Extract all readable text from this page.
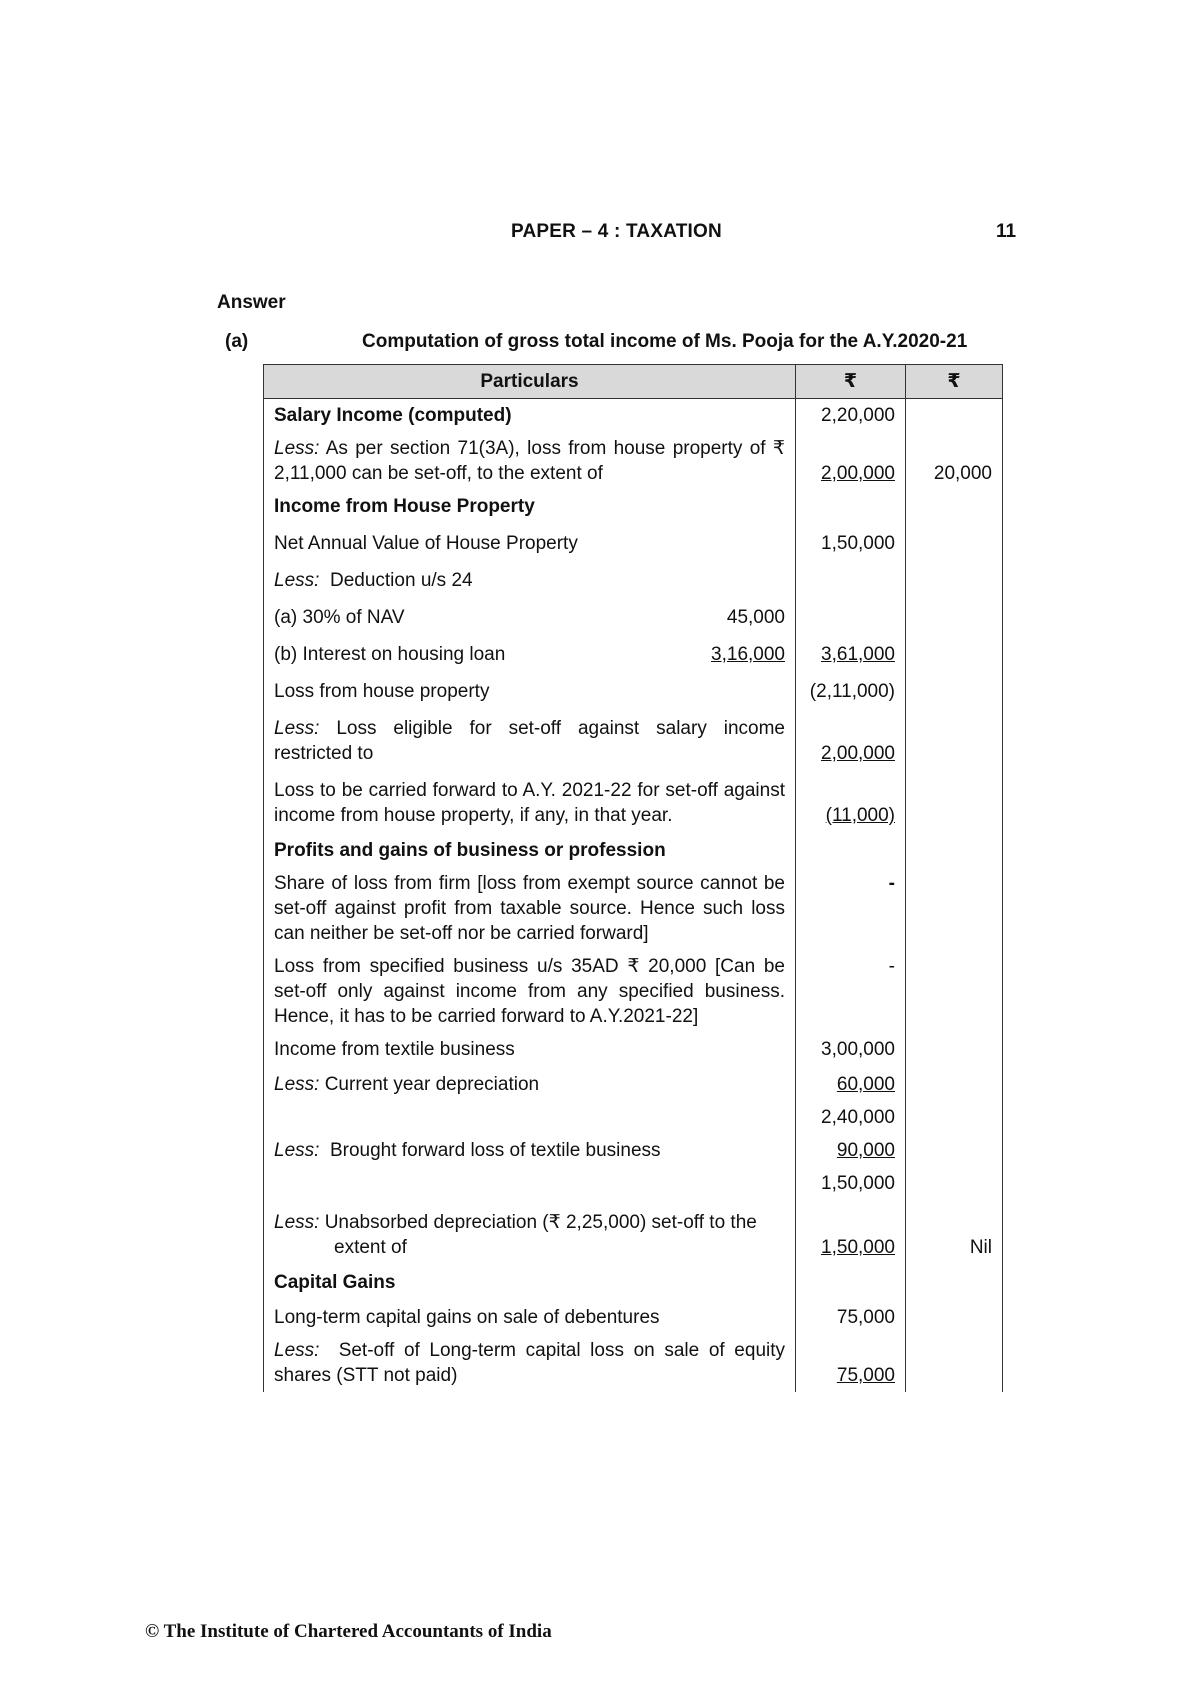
PAPER – 4 : TAXATION	11
Answer
(a)	Computation of gross total income of Ms. Pooja for the A.Y.2020-21
Particulars	₹	₹
Salary Income (computed)	2,20,000	
Less: As per section 71(3A), loss from house property of ₹ 2,11,000 can be set-off, to the extent of	2,00,000	20,000
Income from House Property		
Net Annual Value of House Property	1,50,000	
Less: Deduction u/s 24		

(a) 30% of NAV 45,000		

(b) Interest on housing loan 3,16,000	3,61,000	
Loss from house property	(2,11,000)	
Less: Loss eligible for set-off against salary income restricted to	2,00,000	
Loss to be carried forward to A.Y. 2021-22 for set-off against income from house property, if any, in that year.	(11,000)	
Profits and gains of business or profession		
Share of loss from firm [loss from exempt source cannot be set-off against profit from taxable source. Hence such loss can neither be set-off nor be carried forward]	-	
Loss from specified business u/s 35AD ₹ 20,000 [Can be set-off only against income from any specified business. Hence, it has to be carried forward to A.Y.2021-22]	-	
Income from textile business	3,00,000	
Less: Current year depreciation	60,000	
	2,40,000	
Less: Brought forward loss of textile business	90,000	
	1,50,000	

Less: Unabsorbed depreciation (₹ 2,25,000) set-off to the
extent of	1,50,000	Nil
Capital Gains		
Long-term capital gains on sale of debentures	75,000	
Less: Set-off of Long-term capital loss on sale of equity shares (STT not paid)	75,000	
© The Institute of Chartered Accountants of India
